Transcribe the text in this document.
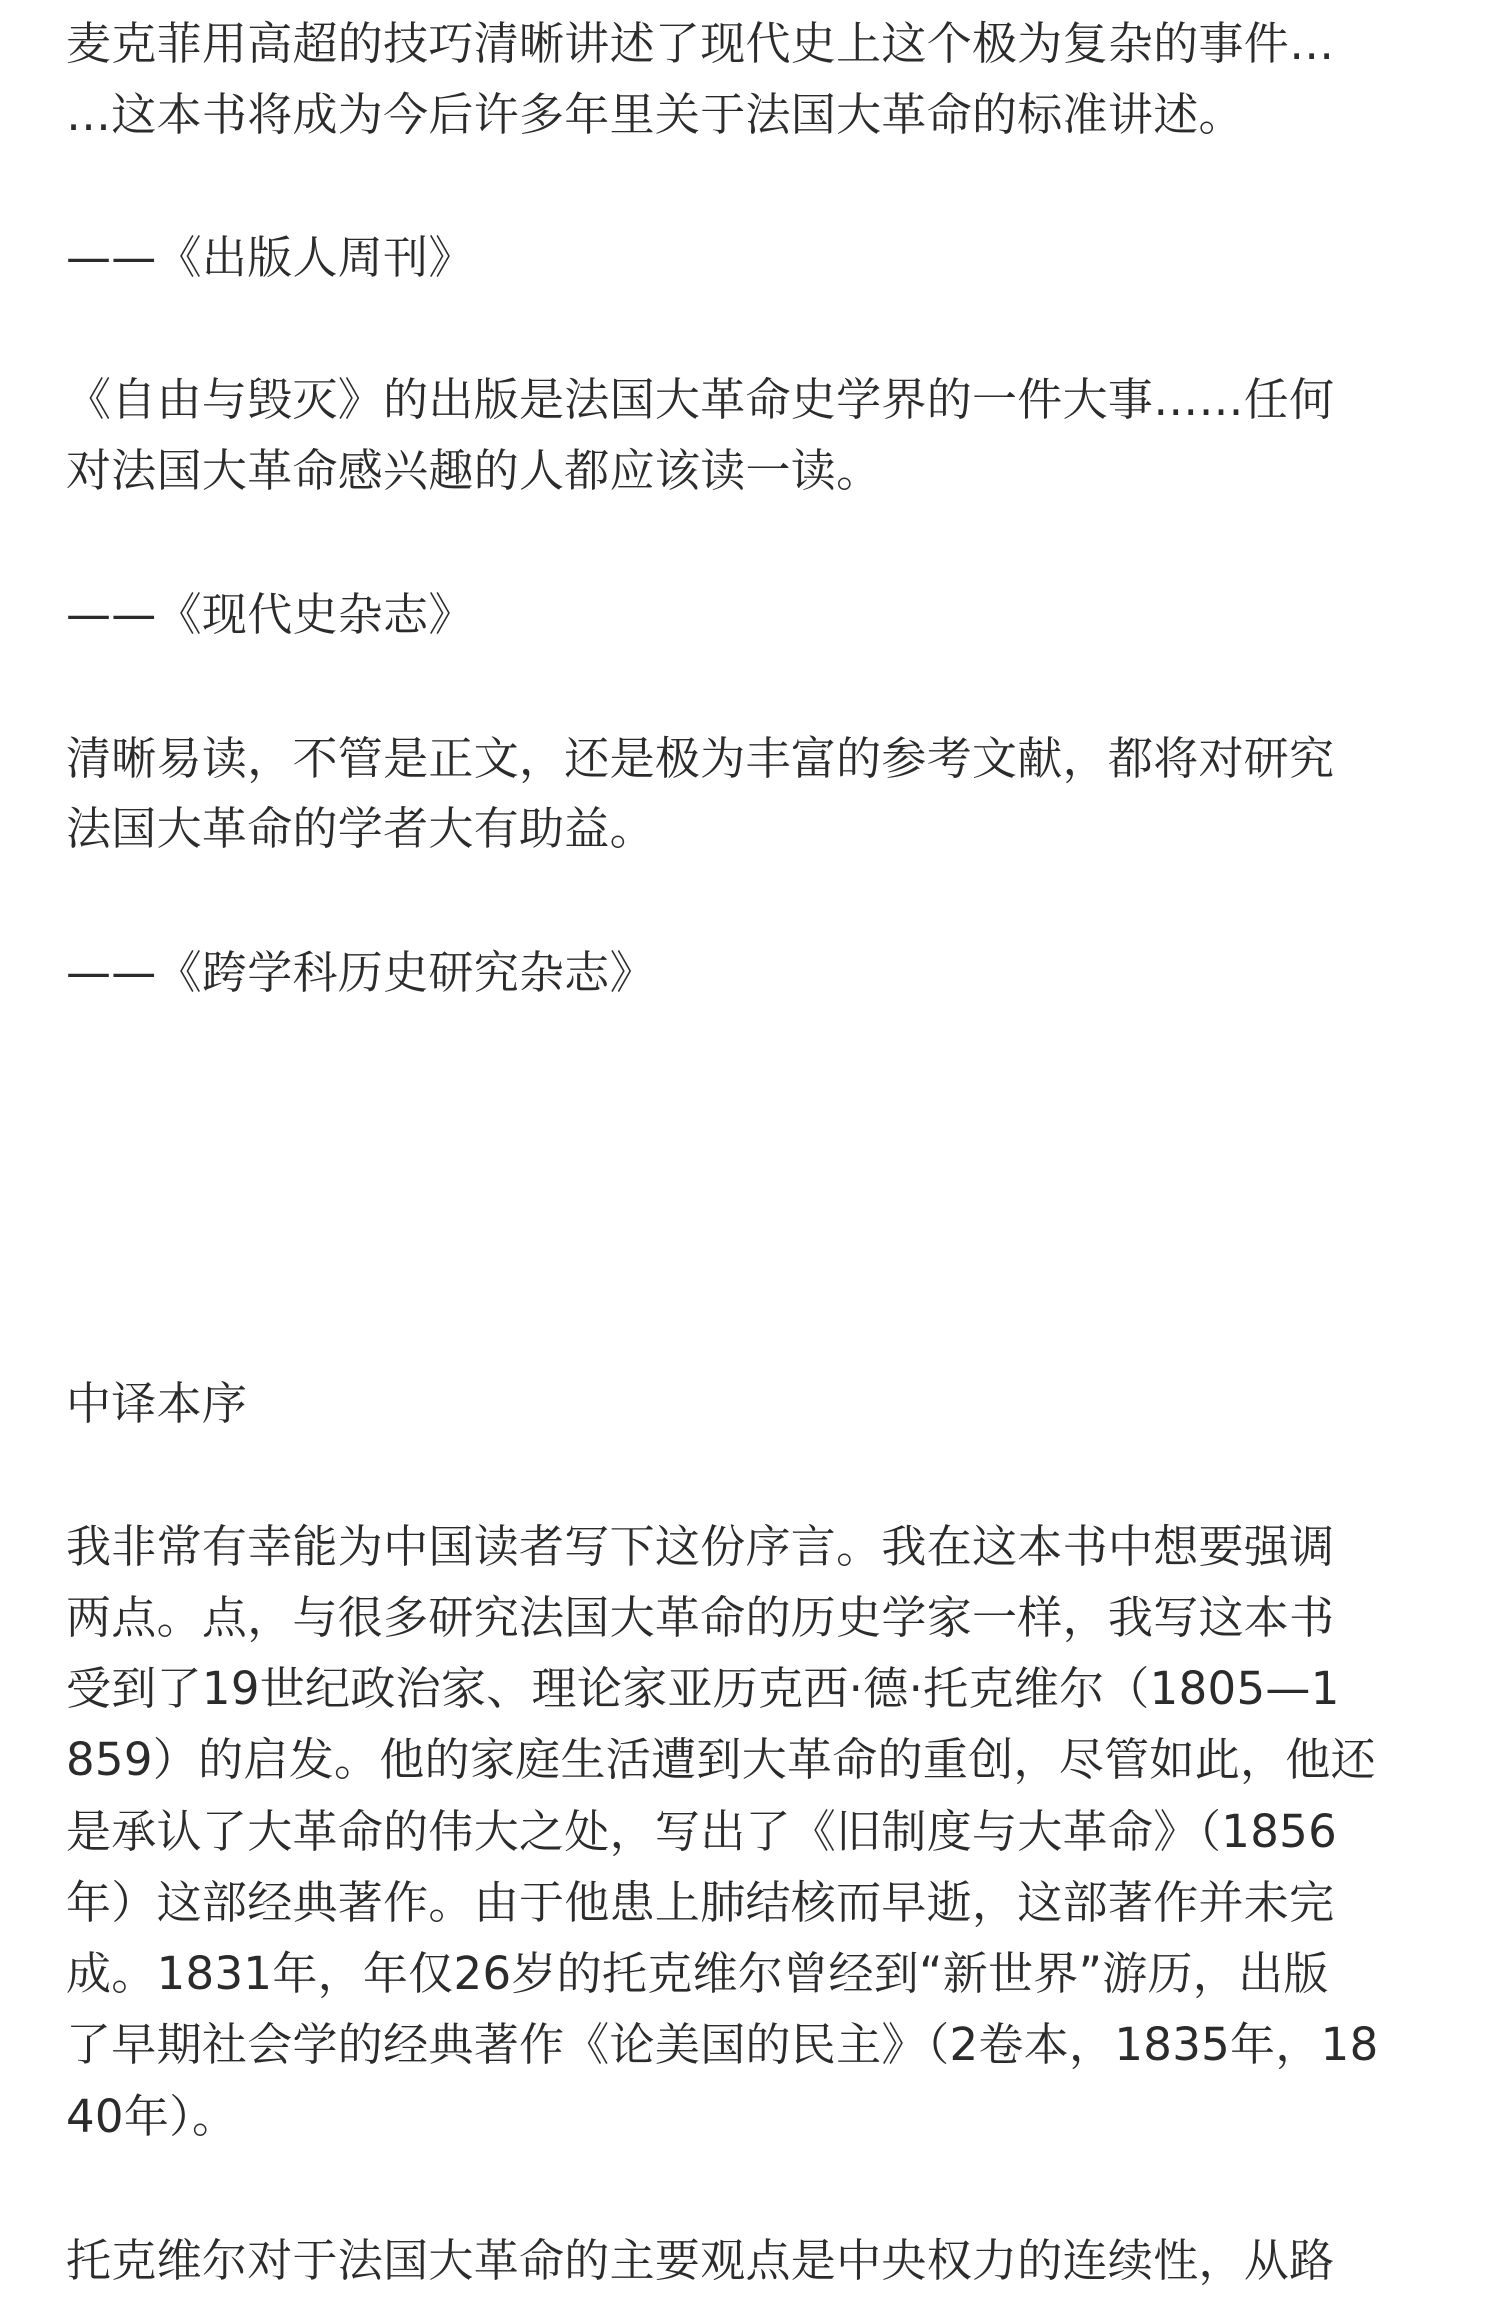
麦克菲用高超的技巧清晰讲述了现代史上这个极为复杂的事件…
…这本书将成为今后许多年里关于法国大革命的标准讲述。
——《出版人周刊》
《自由与毁灭》的出版是法国大革命史学界的一件大事……任何
对法国大革命感兴趣的人都应该读一读。
——《现代史杂志》
清晰易读，不管是正文，还是极为丰富的参考文献，都将对研究
法国大革命的学者大有助益。
——《跨学科历史研究杂志》
中译本序
我非常有幸能为中国读者写下这份序言。我在这本书中想要强调
两点。点，与很多研究法国大革命的历史学家一样，我写这本书
受到了19世纪政治家、理论家亚历克西·德·托克维尔（1805—1
859）的启发。他的家庭生活遭到大革命的重创，尽管如此，他还
是承认了大革命的伟大之处，写出了《旧制度与大革命》（1856
年）这部经典著作。由于他患上肺结核而早逝，这部著作并未完
成。1831年，年仅26岁的托克维尔曾经到“新世界”游历，出版
了早期社会学的经典著作《论美国的民主》（2卷本，1835年，18
40年）。
托克维尔对于法国大革命的主要观点是中央权力的连续性，从路
